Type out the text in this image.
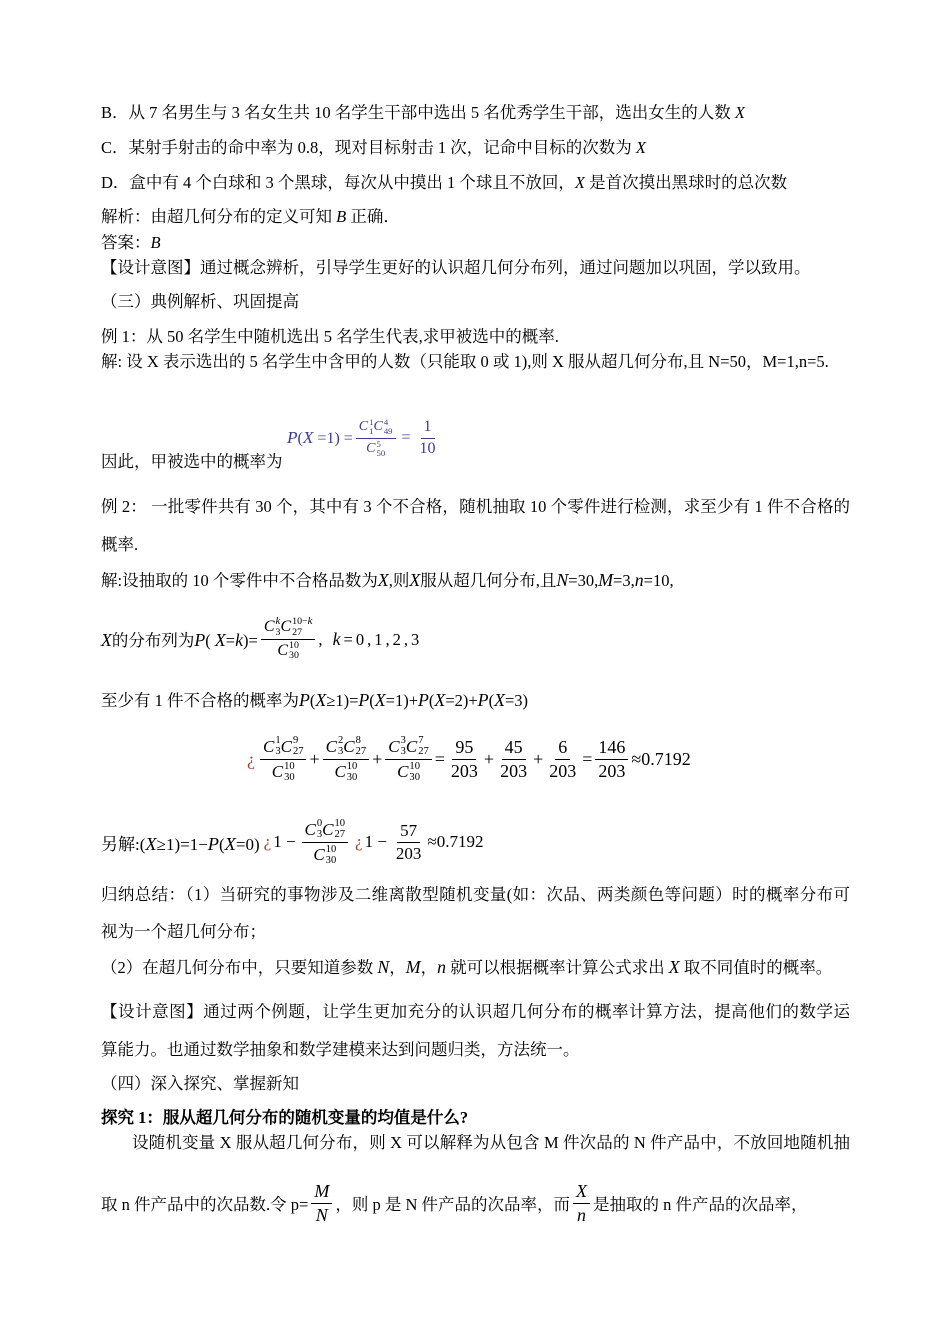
B．从 7 名男生与 3 名女生共 10 名学生干部中选出 5 名优秀学生干部，选出女生的人数 X
C．某射手射击的命中率为 0.8，现对目标射击 1 次，记命中目标的次数为 X
D．盒中有 4 个白球和 3 个黑球，每次从中摸出 1 个球且不放回，X 是首次摸出黑球时的总次数
解析：由超几何分布的定义可知 B 正确．
答案：B
【设计意图】通过概念辨析，引导学生更好的认识超几何分布列，通过问题加以巩固，学以致用。
（三）典例解析、巩固提高
例 1：从 50 名学生中随机选出 5 名学生代表,求甲被选中的概率.
解: 设 X 表示选出的 5 名学生中含甲的人数（只能取 0 或 1),则 X 服从超几何分布,且 N=50，M=1,n=5.
P(X =1) = C 1
1 C 4
49
C 5
$50 = \frac{1}{10}$
因此，甲被选中的概率为
例 2： 一批零件共有 30 个，其中有 3 个不合格，随机抽取 10 个零件进行检测，求至少有 1 件不合格的
概率.
解:设抽取的 10 个零件中不合格品数为X,则X服从超几何分布,且N=30,M=3,n=10,
X的分布列为P( X=k)= C k
3 C 10−k
27
C 10
30 , k=0,1,2,3
至少有 1 件不合格的概率为P(X≥1)=P(X=1)+P(X=2)+P(X=3)
¿ C 1
3 C 9
27
C 10
30 + C 2
3 C 8
27
C 10
30 + C 3
3 C 7
27
C 10
$30 = \frac{95}{203} + \frac{45}{203} + \frac{6}{203} = \frac{146}{203} \approx 0.7192$
另解:(X≥1)=1−P(X=0) ¿ 1 − C 0
3 C 10
27
C 10
30 ¿ $1 - \frac{57}{203} \approx 0.7192$
归纳总结：（1）当研究的事物涉及二维离散型随机变量(如：次品、两类颜色等问题）时的概率分布可
视为一个超几何分布；
（2）在超几何分布中，只要知道参数 N，M，n 就可以根据概率计算公式求出 X 取不同值时的概率。
【设计意图】通过两个例题，让学生更加充分的认识超几何分布的概率计算方法，提高他们的数学运
算能力。也通过数学抽象和数学建模来达到问题归类，方法统一。
（四）深入探究、掌握新知
探究 1：服从超几何分布的随机变量的均值是什么?
设随机变量 X 服从超几何分布，则 X 可以解释为从包含 M 件次品的 N 件产品中，不放回地随机抽
取 n 件产品中的次品数.令 $p= \frac{M}{N}$ ，则 p 是 N 件产品的次品率，而 $\frac{X}{n}$ 是抽取的 n 件产品的次品率，
